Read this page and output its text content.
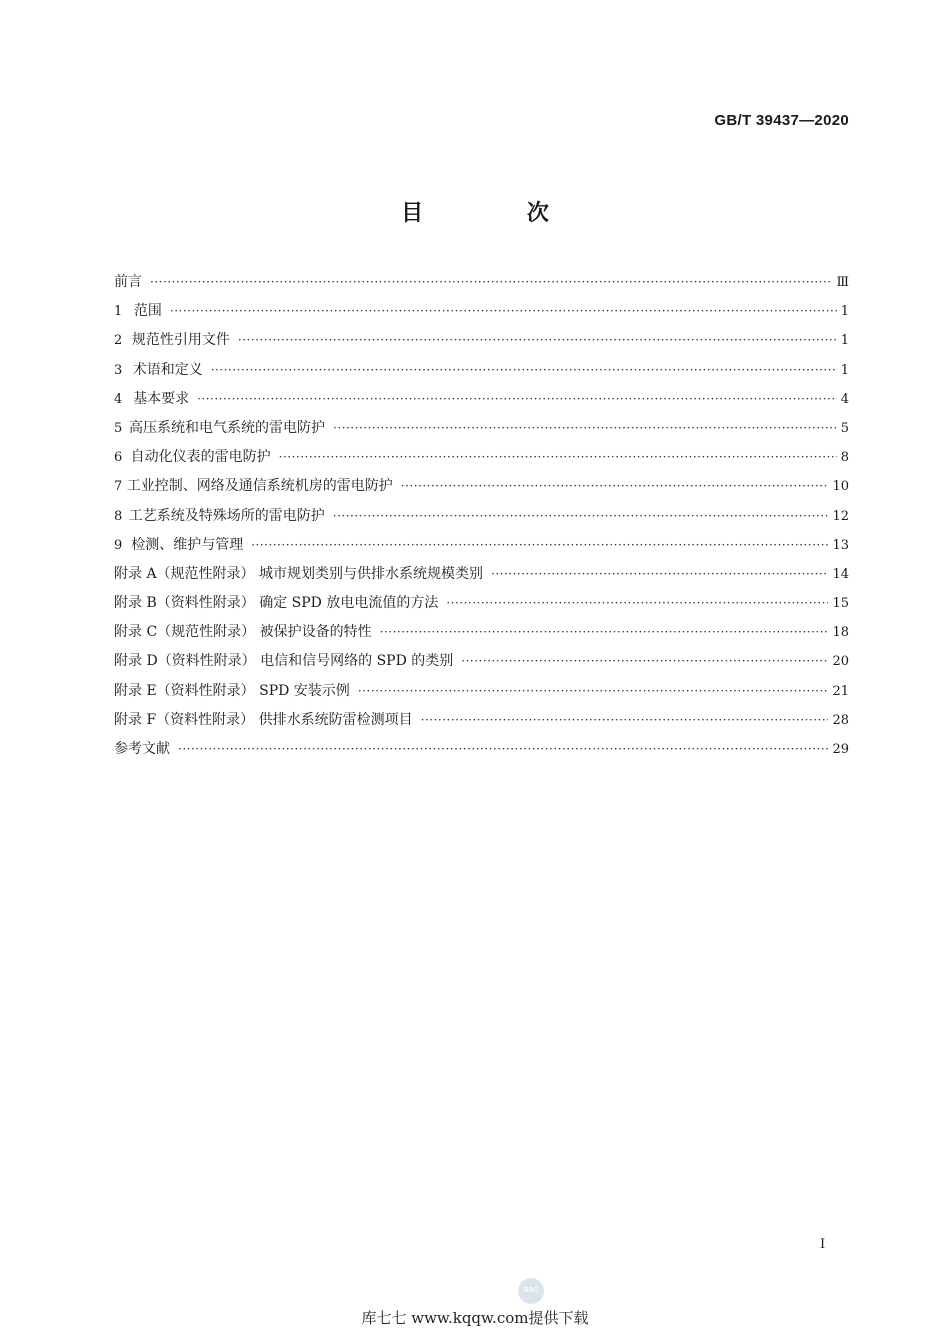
GB/T 39437—2020
目 次
前言 ·····	Ⅲ
1 范围 ·····	1
2 规范性引用文件 ·····	1
3 术语和定义 ·····	1
4 基本要求 ·····	4
5 高压系统和电气系统的雷电防护 ·····	5
6 自动化仪表的雷电防护 ·····	8
7 工业控制、网络及通信系统机房的雷电防护 ·····	10
8 工艺系统及特殊场所的雷电防护 ·····	12
9 检测、维护与管理 ·····	13
附录 A（规范性附录） 城市规划类别与供排水系统规模类别 ·····	14
附录 B（资料性附录） 确定 SPD 放电电流值的方法 ·····	15
附录 C（规范性附录） 被保护设备的特性 ·····	18
附录 D（资料性附录） 电信和信号网络的 SPD 的类别 ·····	20
附录 E（资料性附录） SPD 安装示例 ·····	21
附录 F（资料性附录） 供排水系统防雷检测项目 ·····	28
参考文献 ·····	29
I
SAC
库七七 www.kqqw.com提供下载
